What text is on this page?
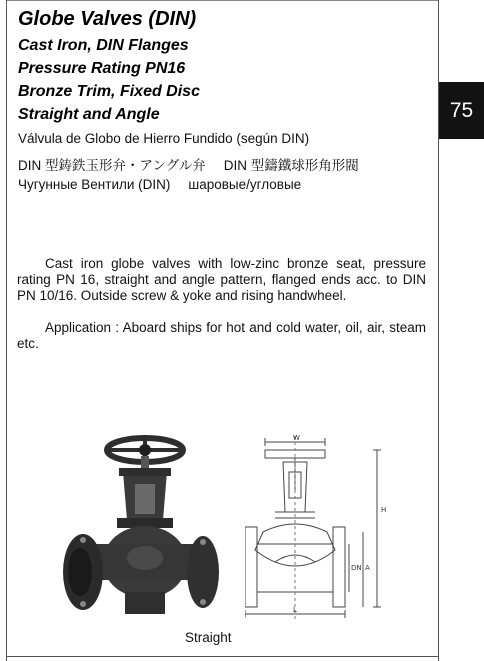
75
Globe Valves (DIN)
Cast Iron, DIN Flanges
Pressure Rating PN16
Bronze Trim, Fixed Disc
Straight and Angle
Válvula de Globo de Hierro Fundido (según DIN)
DIN 型鋳鉄玉形弁・アングル弁 DIN 型鑄鐵球形角形閥
Чугунные Вентили (DIN) шаровые/угловые

Cast iron globe valves with low-zinc bronze seat, pressure rating PN 16, straight and angle pattern, flanged ends acc. to DIN PN 10/16. Outside screw & yoke and rising handwheel.

Application : Aboard ships for hot and cold water, oil, air, steam etc.

W
H
DN A
L
Straight
